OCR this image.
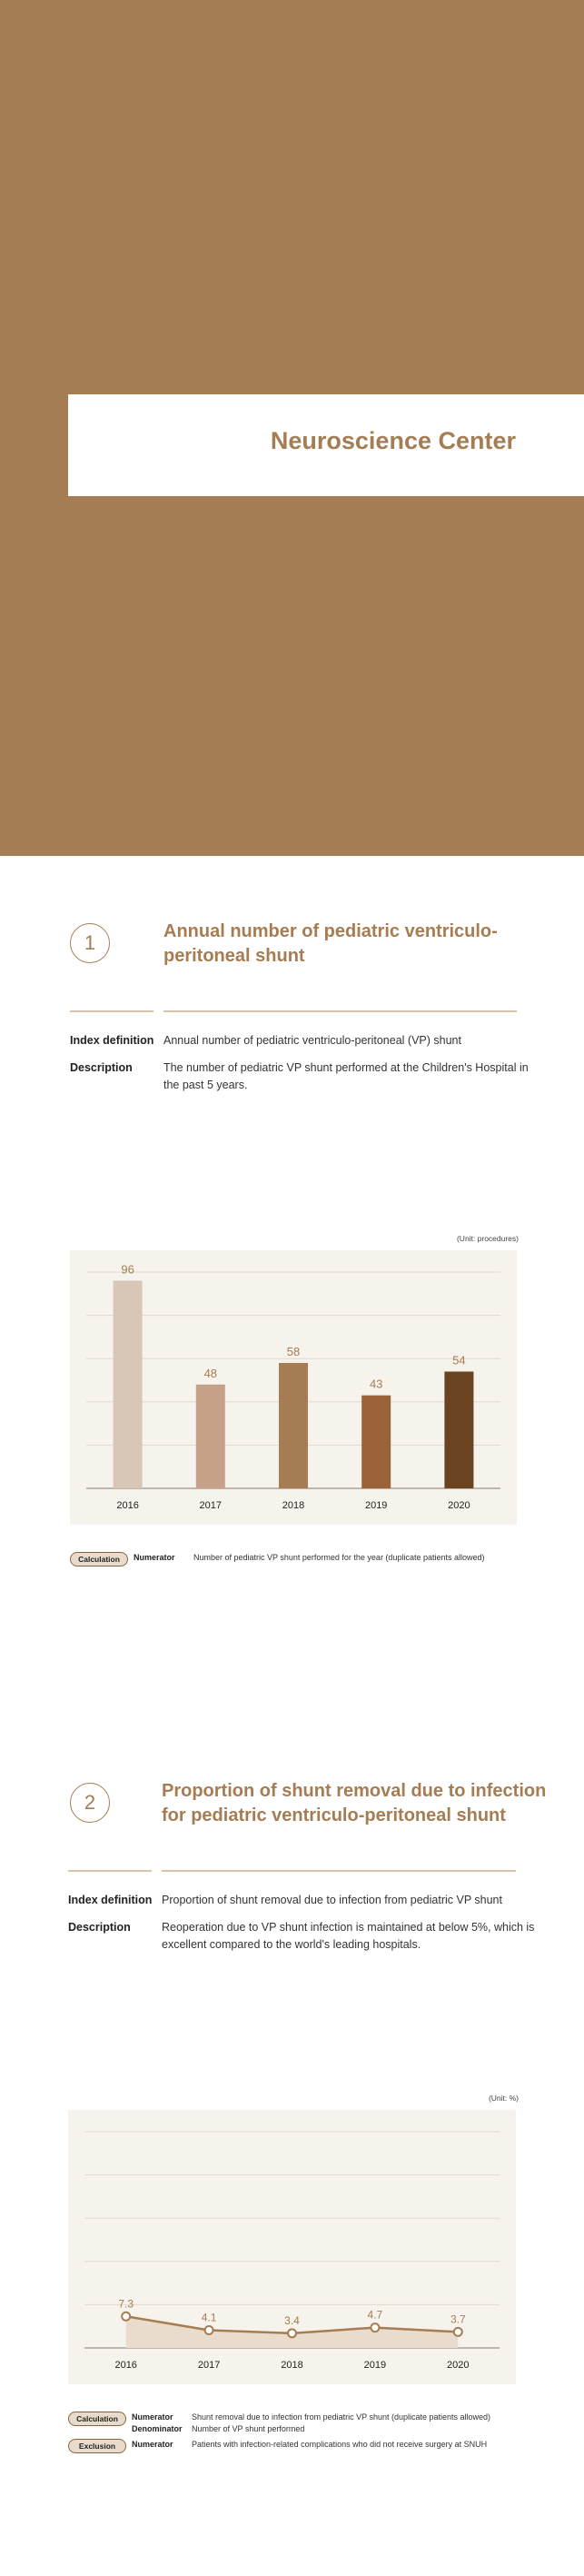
Neuroscience Center
1	Annual number of pediatric ventriculo-
peritoneal shunt
Index definition Annual number of pediatric ventriculo-peritoneal (VP) shunt
Description	The number of pediatric VP shunt performed at the Children's Hospital in
the past 5 years.
(Unit: procedures)
2016	2017	2018	2019	2020
96
48
58
43
54
Calculation	Numerator Number of pediatric VP shunt performed for the year (duplicate patients allowed)
2	Proportion of shunt removal due to infection
for pediatric ventriculo-peritoneal shunt
Index definition Proportion of shunt removal due to infection from pediatric VP shunt
Description	Reoperation due to VP shunt infection is maintained at below 5%, which is
excellent compared to the world's leading hospitals.
(Unit: %)
2016	2017	2018	2019	2020
7.3
4.1	3.4	4.7	3.7
Calculation	Numerator Shunt removal due to infection from pediatric VP shunt (duplicate patients allowed)
Denominator Number of VP shunt performed
Exclusion	Numerator Patients with infection-related complications who did not receive surgery at SNUH
